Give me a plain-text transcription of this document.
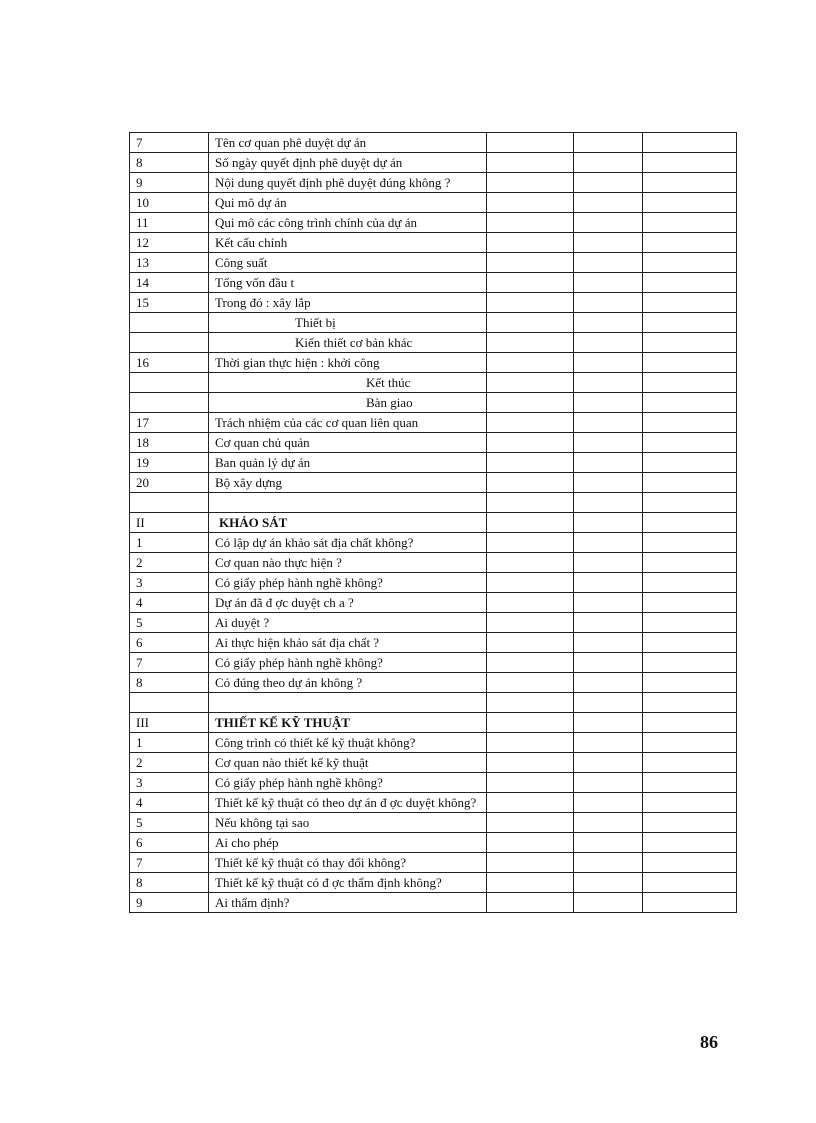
7	Tên cơ quan phê duyệt dự án			
8	Số ngày quyết định phê duyệt dự án			
9	Nội dung quyết định phê duyệt đúng không ?			
10	Qui mô dự án			
11	Qui mô các công trình chính của dự án			
12	Kết cấu chính			
13	Công suất			
14	Tổng vốn đầu t			
15	Trong đó : xây lắp			
	Thiết bị			
	Kiến thiết cơ bản khác			
16	Thời gian thực hiện : khởi công			
	Kết thúc			
	Bàn giao			
17	Trách nhiệm của các cơ quan liên quan			
18	Cơ quan chủ quản			
19	Ban quản lý dự án			
20	Bộ xây dựng			

II	KHẢO SÁT			
1	Có lập dự án khảo sát địa chất không?			
2	Cơ quan nào thực hiện ?			
3	Có giấy phép hành nghề không?			
4	Dự án đã đ ợc duyệt ch a ?			
5	Ai duyệt ?			
6	Ai thực hiện khảo sát địa chất ?			
7	Có giấy phép hành nghề không?			
8	Có đúng theo dự án không ?			

III	THIẾT KẾ KỸ THUẬT			
1	Công trình có thiết kế kỹ thuật không?			
2	Cơ quan nào thiết kế kỹ thuật			
3	Có giấy phép hành nghề không?			
4	Thiết kế kỹ thuật có theo dự án đ ợc duyệt không?			
5	Nếu không tại sao			
6	Ai cho phép			
7	Thiết kế kỹ thuật có thay đổi không?			
8	Thiết kế kỹ thuật có đ ợc thẩm định không?			
9	Ai thẩm định?			
86
